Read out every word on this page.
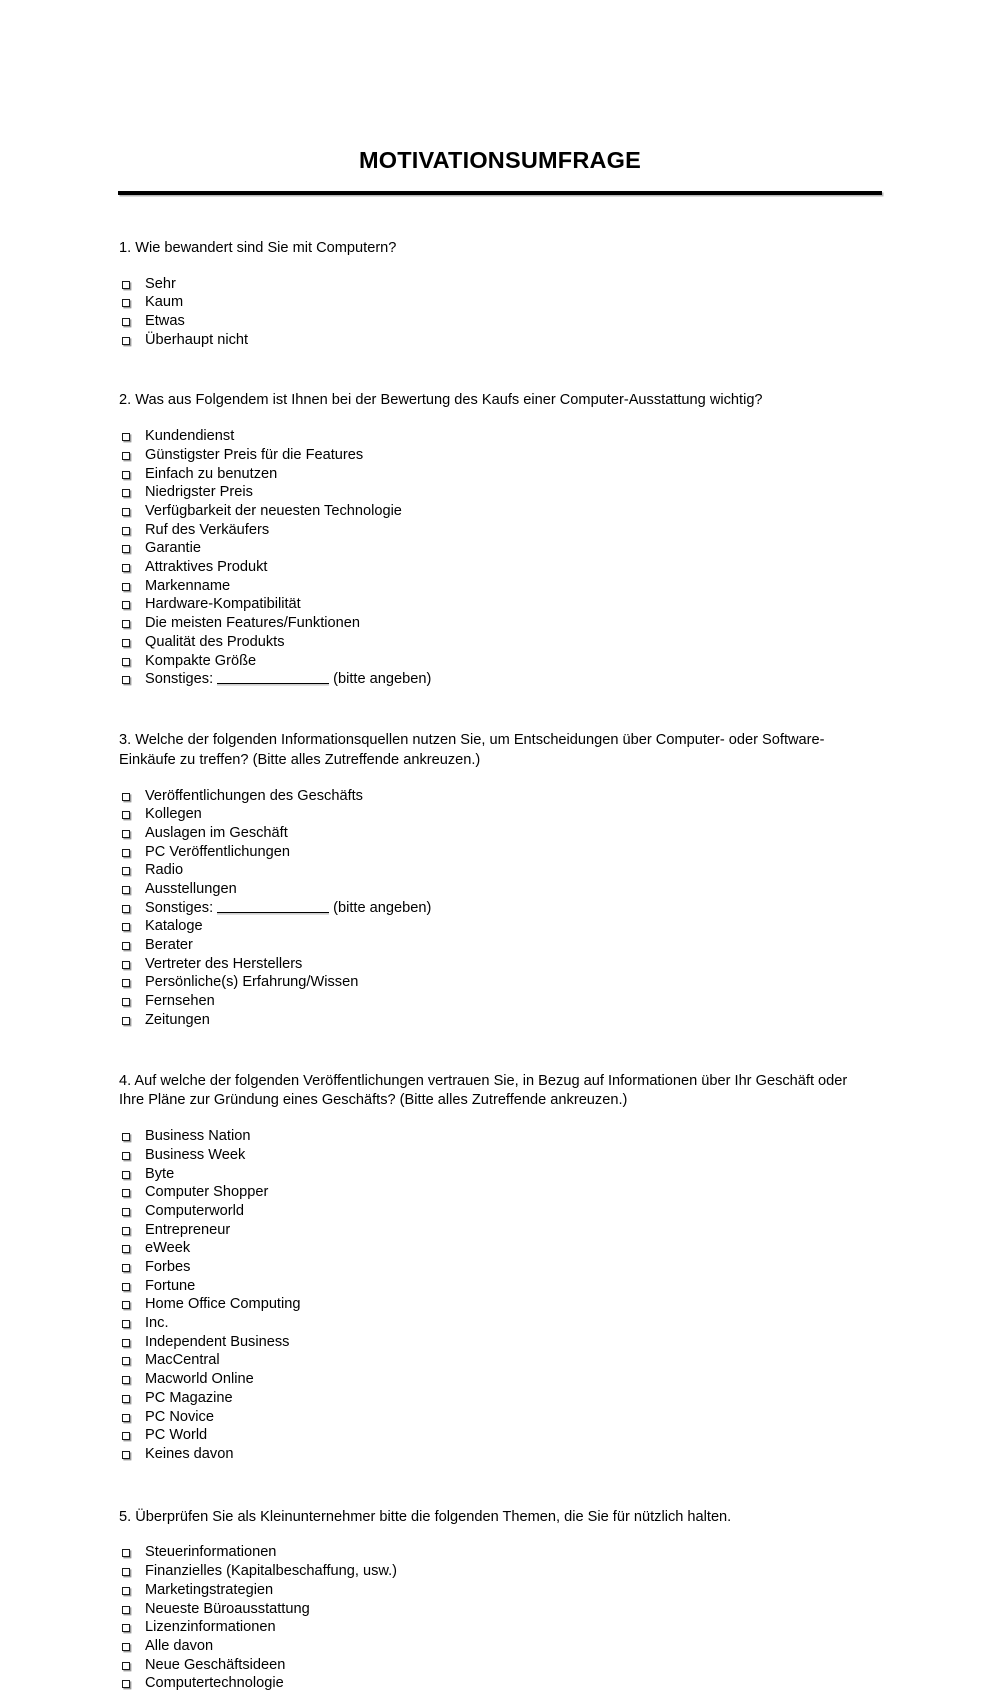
MOTIVATIONSUMFRAGE

1. Wie bewandert sind Sie mit Computern?

Sehr
Kaum
Etwas
Überhaupt nicht

2. Was aus Folgendem ist Ihnen bei der Bewertung des Kaufs einer Computer-Ausstattung wichtig?

Kundendienst
Günstigster Preis für die Features
Einfach zu benutzen
Niedrigster Preis
Verfügbarkeit der neuesten Technologie
Ruf des Verkäufers
Garantie
Attraktives Produkt
Markenname
Hardware-Kompatibilität
Die meisten Features/Funktionen
Qualität des Produkts
Kompakte Größe
Sonstiges:	(bitte angeben)

3. Welche der folgenden Informationsquellen nutzen Sie, um Entscheidungen über Computer- oder Software-Einkäufe zu treffen? (Bitte alles Zutreffende ankreuzen.)

Veröffentlichungen des Geschäfts
Kollegen
Auslagen im Geschäft
PC Veröffentlichungen
Radio
Ausstellungen
Sonstiges:	(bitte angeben)
Kataloge
Berater
Vertreter des Herstellers
Persönliche(s) Erfahrung/Wissen
Fernsehen
Zeitungen

4. Auf welche der folgenden Veröffentlichungen vertrauen Sie, in Bezug auf Informationen über Ihr Geschäft oder Ihre Pläne zur Gründung eines Geschäfts? (Bitte alles Zutreffende ankreuzen.)

Business Nation
Business Week
Byte
Computer Shopper
Computerworld
Entrepreneur
eWeek
Forbes
Fortune
Home Office Computing
Inc.
Independent Business
MacCentral
Macworld Online
PC Magazine
PC Novice
PC World
Keines davon

5. Überprüfen Sie als Kleinunternehmer bitte die folgenden Themen, die Sie für nützlich halten.

Steuerinformationen
Finanzielles (Kapitalbeschaffung, usw.)
Marketingstrategien
Neueste Büroausstattung
Lizenzinformationen
Alle davon
Neue Geschäftsideen
Computertechnologie
